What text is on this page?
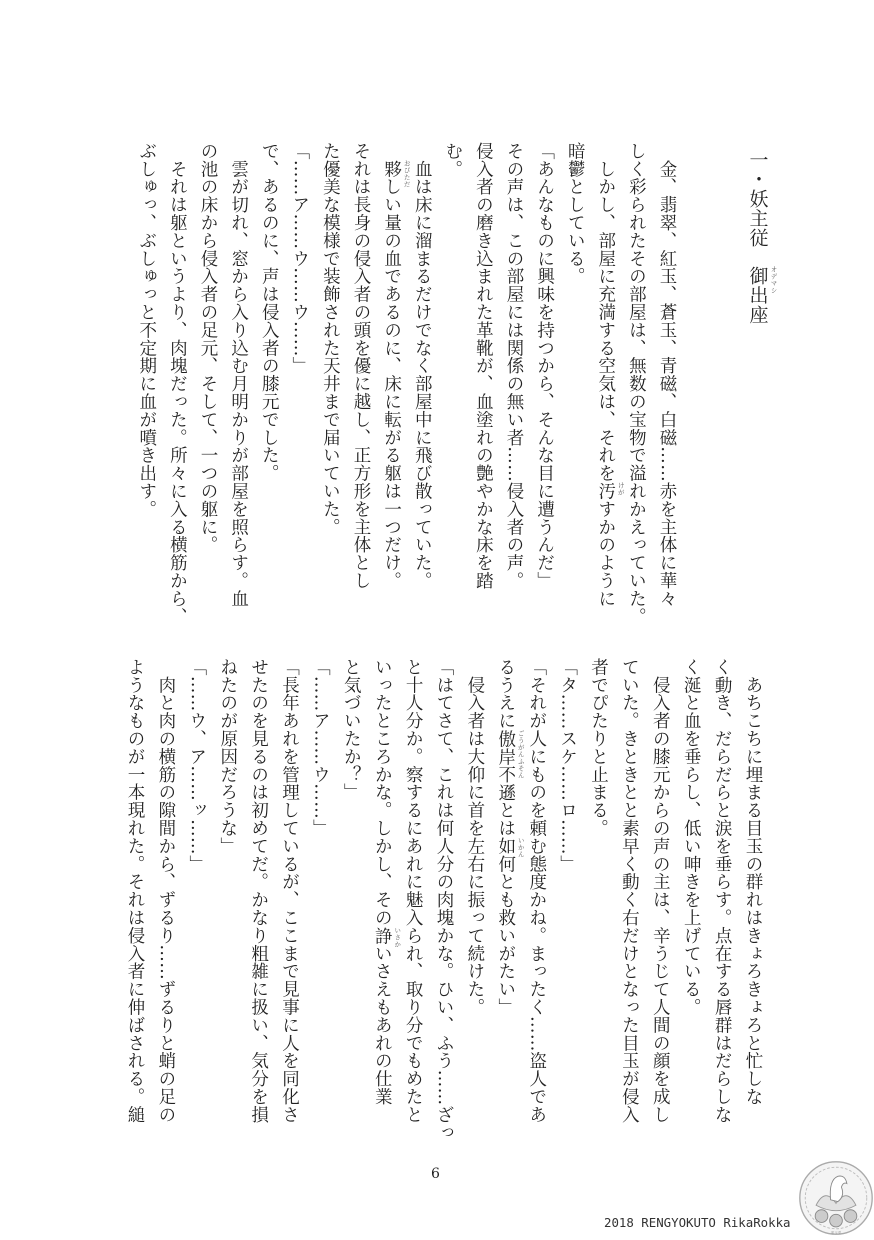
一・妖主従　御出座 オデマシ
　金、翡翠、紅玉、蒼玉、青磁、白磁……赤を主体に華々
しく彩られたその部屋は、無数の宝物で溢れかえっていた。
　しかし、部屋に充満する空気は、それを汚 けが
すかのように
暗鬱としている。
「あんなものに興味を持つから、そんな目に遭うんだ」
その声は、この部屋には関係の無い者……侵入者の声。
侵入者の磨き込まれた革靴が、血塗れの艶やかな床を踏
む。
　血は床に溜まるだけでなく部屋中に飛び散っていた。
　夥 おびただ
しい量の血であるのに、床に転がる躯は一つだけ。
それは長身の侵入者の頭を優に越し、正方形を主体とし
た優美な模様で装飾された天井まで届いていた。
「……ア……ウ……ウ……」
で、あるのに、声は侵入者の膝元でした。
　雲が切れ、窓から入り込む月明かりが部屋を照らす。血
の池の床から侵入者の足元、そして、一つの躯に。
　それは躯というより、肉塊だった。所々に入る横筋から、
ぶしゅっ、ぶしゅっと不定期に血が噴き出す。
　あちこちに埋まる目玉の群れはきょろきょろと忙しな
く動き、だらだらと涙を垂らす。点在する唇群はだらしな
く涎と血を垂らし、低い呻きを上げている。
　侵入者の膝元からの声の主は、辛うじて人間の顔を成し
ていた。きときとと素早く動く右だけとなった目玉が侵入
者でぴたりと止まる。
「タ……スケ……ロ……」
「それが人にものを頼む態度かね。まったく……盗人であ
るうえに傲岸不遜 ごうがんふそん
とは如何 いかん
とも救いがたい」
　侵入者は大仰に首を左右に振って続けた。
「はてさて、これは何人分の肉塊かな。ひい、ふう……ざっ
と十人分か。察するにあれに魅入られ、取り分でもめたと
いったところかな。しかし、その諍 いさか
いさえもあれの仕業
と気づいたか？」
「……ア……ウ……」
「長年あれを管理しているが、ここまで見事に人を同化さ
せたのを見るのは初めてだ。かなり粗雑に扱い、気分を損
ねたのが原因だろうな」
「……ウ、ア……ッ……」
　肉と肉の横筋の隙間から、ずるり……ずるりと蛸の足の
ようなものが一本現れた。それは侵入者に伸ばされる。縋
6
2018 RENGYOKUTO RikaRokka
蓮玉兎
